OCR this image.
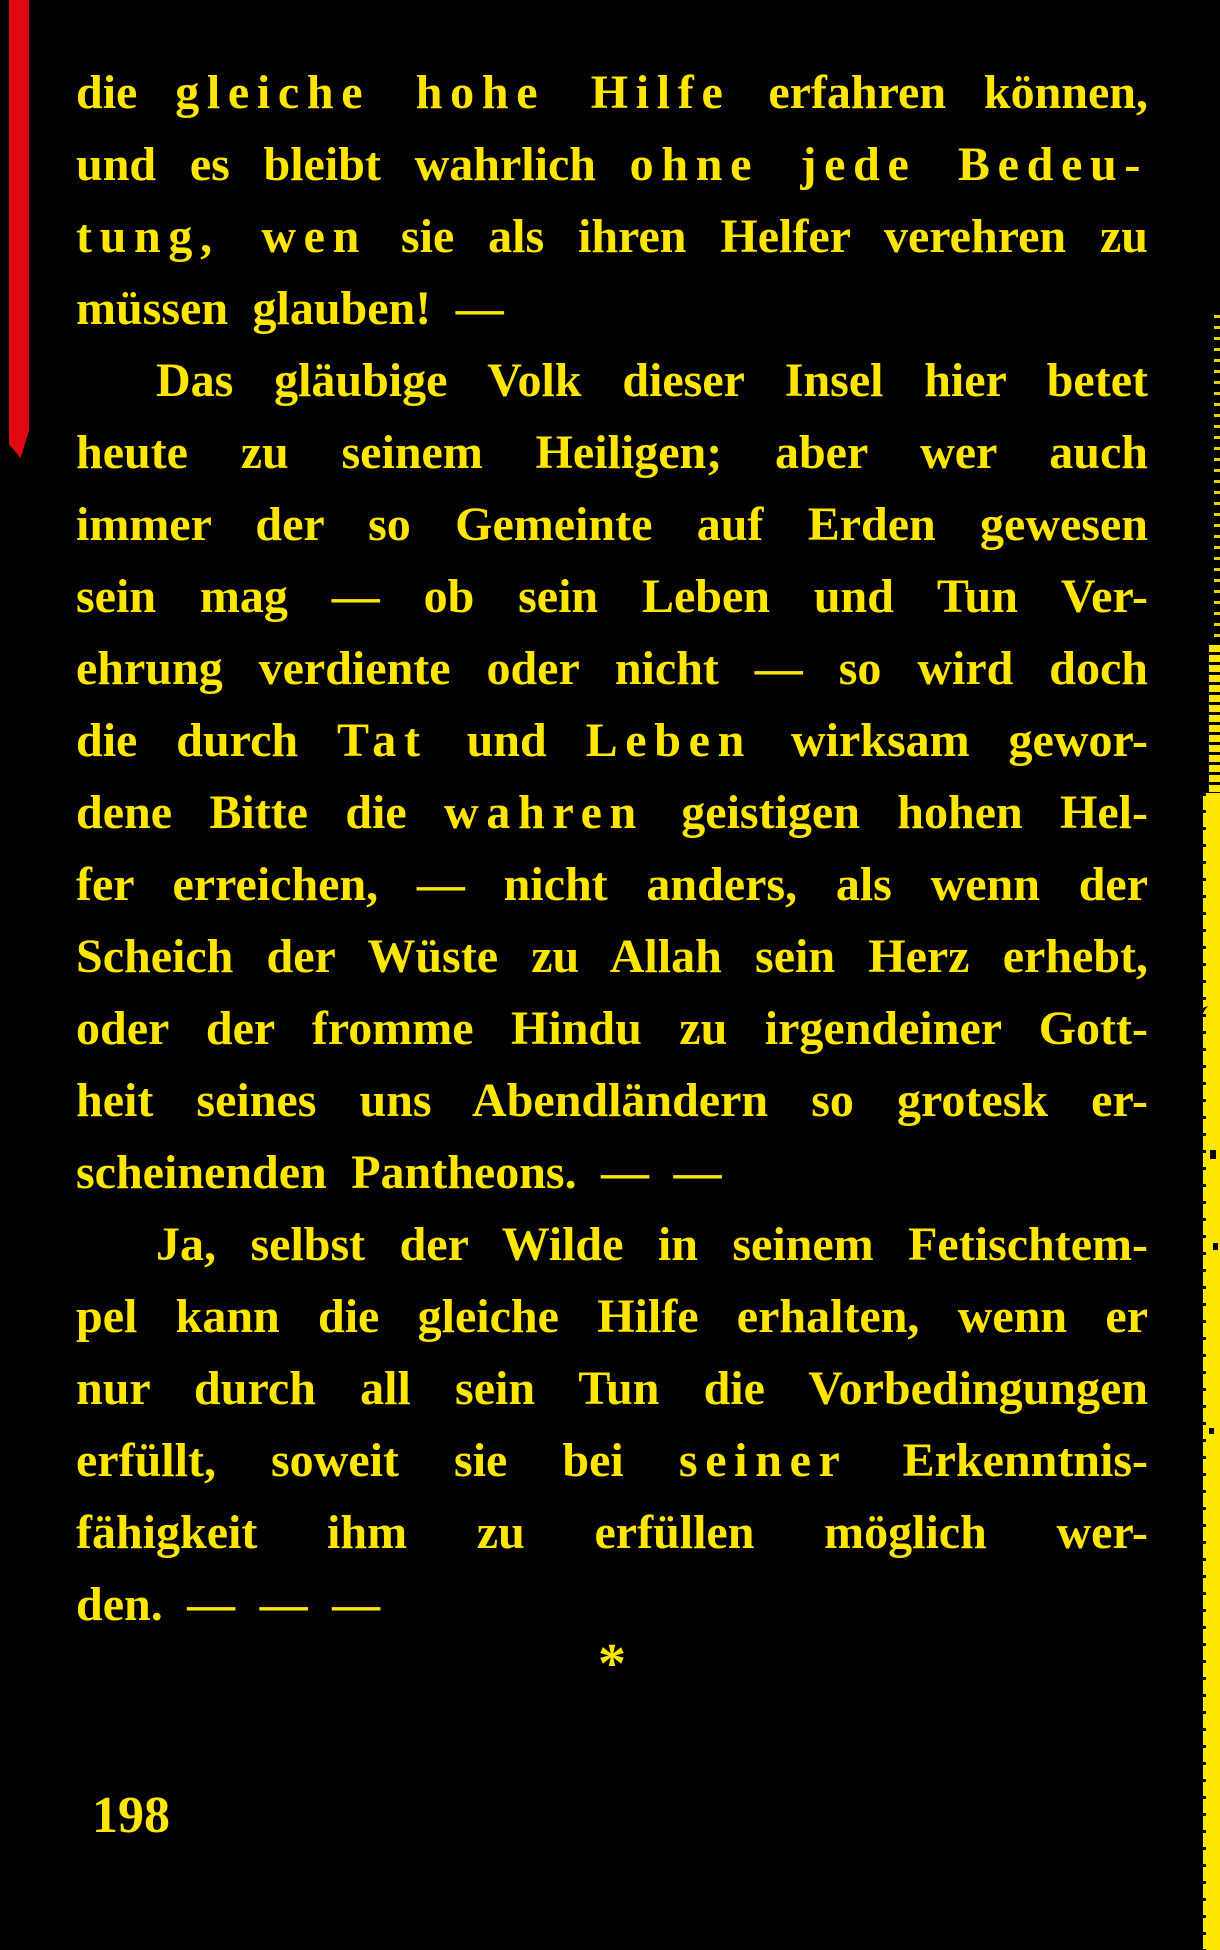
die gleiche hohe Hilfe erfahren können,
und es bleibt wahrlich ohne jede Bedeu-
tung, wen sie als ihren Helfer verehren zu
müssen glauben! —
Das gläubige Volk dieser Insel hier betet
heute zu seinem Heiligen; aber wer auch
immer der so Gemeinte auf Erden gewesen
sein mag — ob sein Leben und Tun Ver-
ehrung verdiente oder nicht — so wird doch
die durch Tat und Leben wirksam gewor-
dene Bitte die wahren geistigen hohen Hel-
fer erreichen, — nicht anders, als wenn der
Scheich der Wüste zu Allah sein Herz erhebt,
oder der fromme Hindu zu irgendeiner Gott-
heit seines uns Abendländern so grotesk er-
scheinenden Pantheons. — —
Ja, selbst der Wilde in seinem Fetischtem-
pel kann die gleiche Hilfe erhalten, wenn er
nur durch all sein Tun die Vorbedingungen
erfüllt, soweit sie bei seiner Erkenntnis-
fähigkeit ihm zu erfüllen möglich wer-
den. — — —
*
198
